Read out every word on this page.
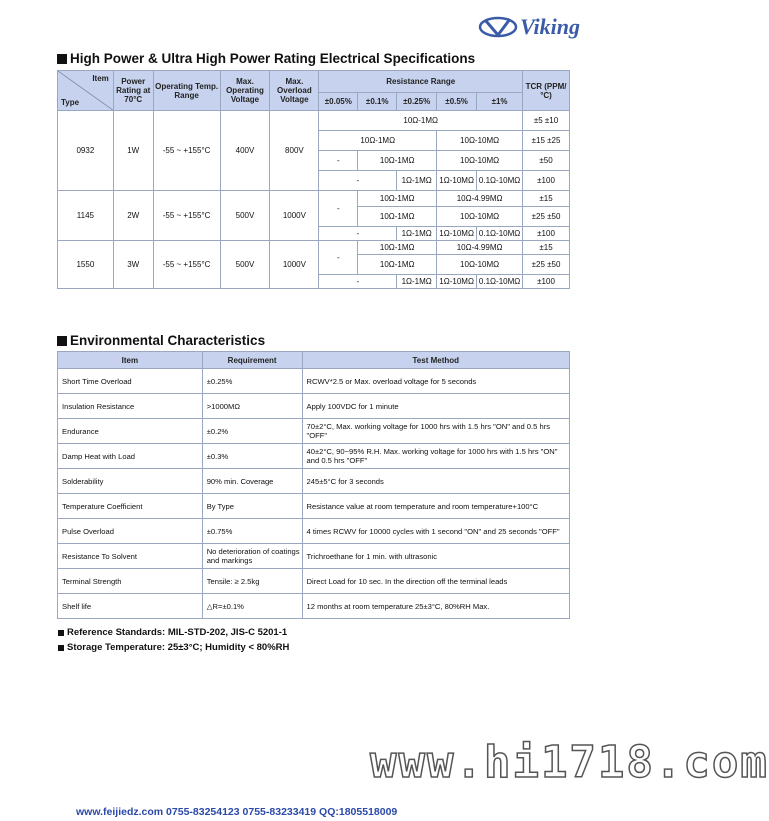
Viking
High Power & Ultra High Power Rating Electrical Specifications
Item
Type	Power Rating at 70°C	Operating Temp. Range	Max. Operating Voltage	Max. Overload Voltage	Resistance Range					TCR (PPM/°C)
					±0.05%	±0.1%	±0.25%	±0.5%	±1%	
0932	1W	-55 ~ +155°C	400V	800V	10Ω-1MΩ					±5 ±10
					10Ω-1MΩ			10Ω-10MΩ		±15 ±25
					-	10Ω-1MΩ		10Ω-10MΩ		±50
					-		1Ω-1MΩ	1Ω-10MΩ	0.1Ω-10MΩ	±100
1145	2W	-55 ~ +155°C	500V	1000V	-	10Ω-1MΩ		10Ω-4.99MΩ		±15
						10Ω-1MΩ		10Ω-10MΩ		±25 ±50
					-		1Ω-1MΩ	1Ω-10MΩ	0.1Ω-10MΩ	±100
1550	3W	-55 ~ +155°C	500V	1000V	-	10Ω-1MΩ		10Ω-4.99MΩ		±15
						10Ω-1MΩ		10Ω-10MΩ		±25 ±50
					-		1Ω-1MΩ	1Ω-10MΩ	0.1Ω-10MΩ	±100
Environmental Characteristics
Item	Requirement	Test Method
Short Time Overload	±0.25%	RCWV*2.5 or Max. overload voltage for 5 seconds
Insulation Resistance	>1000MΩ	Apply 100VDC for 1 minute
Endurance	±0.2%	70±2°C, Max. working voltage for 1000 hrs with 1.5 hrs "ON" and 0.5 hrs "OFF"
Damp Heat with Load	±0.3%	40±2°C, 90~95% R.H. Max. working voltage for 1000 hrs with 1.5 hrs "ON" and 0.5 hrs "OFF"
Solderability	90% min. Coverage	245±5°C for 3 seconds
Temperature Coefficient	By Type	Resistance value at room temperature and room temperature+100°C
Pulse Overload	±0.75%	4 times RCWV for 10000 cycles with 1 second "ON" and 25 seconds "OFF"
Resistance To Solvent	No deterioration of coatings and markings	Trichroethane for 1 min. with ultrasonic
Terminal Strength	Tensile: ≥ 2.5kg	Direct Load for 10 sec. In the direction off the terminal leads
Shelf life	△R=±0.1%	12 months at room temperature 25±3°C, 80%RH Max.
Reference Standards: MIL-STD-202, JIS-C 5201-1
Storage Temperature: 25±3°C; Humidity < 80%RH
www.hi1718.com
www.feijiedz.com 0755-83254123 0755-83233419 QQ:1805518009
